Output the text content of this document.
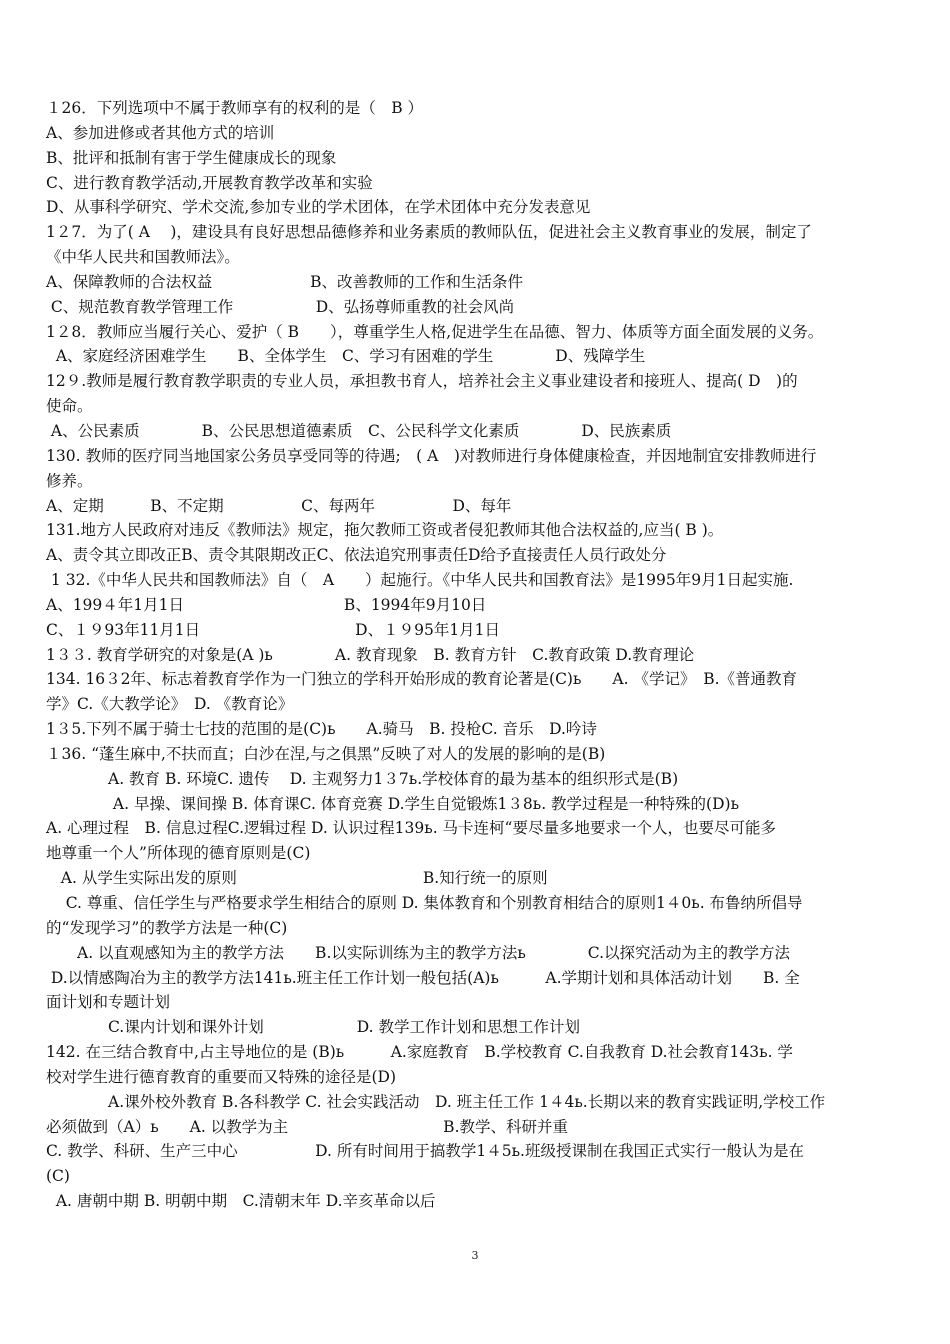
１26．下列选项中不属于教师享有的权利的是（　B ）
A、参加进修或者其他方式的培训
B、批评和抵制有害于学生健康成长的现象
C、进行教育教学活动,开展教育教学改革和实验
D、从事科学研究、学术交流,参加专业的学术团体，在学术团体中充分发表意见
1２7．为了( A　 )，建设具有良好思想品德修养和业务素质的教师队伍，促进社会主义教育事业的发展，制定了
《中华人民共和国教师法》。
A、保障教师的合法权益　　　　　　 B、改善教师的工作和生活条件
C、规范教育教学管理工作　　　　　 D、弘扬尊师重教的社会风尚
1２8．教师应当履行关心、爱护（ B　　），尊重学生人格,促进学生在品德、智力、体质等方面全面发展的义务。
A、家庭经济困难学生　　B、全体学生　C、学习有困难的学生　　　　D、残障学生
12９.教师是履行教育教学职责的专业人员，承担教书育人，培养社会主义事业建设者和接班人、提高( D　)的
使命。
A、公民素质　　　　B、公民思想道德素质　C、公民科学文化素质　　　　D、民族素质
130. 教师的医疗同当地国家公务员享受同等的待遇;　( A　)对教师进行身体健康检查，并因地制宜安排教师进行
修养。
A、定期　　　B、不定期　　　　　C、每两年　　　　　D、每年
131.地方人民政府对违反《教师法》规定，拖欠教师工资或者侵犯教师其他合法权益的,应当( B )。
A、责令其立即改正B、责令其限期改正C、依法追究刑事责任D给予直接责任人员行政处分
1 32.《中华人民共和国教师法》自（　A　　）起施行。《中华人民共和国教育法》是1995年9月1日起实施.
A、199４年1月1日　　　　　　　　　　 B、1994年9月10日
C、１９93年11月1日　　　　　　　　　　D、１９95年1月1日
1３３. 教育学研究的对象是(A )ь　　　　A. 教育现象　B. 教育方针　C.教育政策 D.教育理论
134. 16３2年、标志着教育学作为一门独立的学科开始形成的教育论著是(C)ь　　A. 《学记》　B.《普通教育
学》C.《大教学论》　D. 《教育论》
1３5.下列不属于骑士七技的范围的是(C)ь　　A.骑马　B. 投枪C. 音乐　D.吟诗
１36. “蓬生麻中,不扶而直；白沙在涅,与之俱黑”反映了对人的发展的影响的是(B)
　　　　A. 教育 B. 环境C. 遗传　 D. 主观努力1３7ь.学校体育的最为基本的组织形式是(B)
　　　　 A. 早操、课间操 B. 体育课C. 体育竞赛 D.学生自觉锻炼1３8ь. 教学过程是一种特殊的(D)ь
A. 心理过程　B. 信息过程C.逻辑过程 D. 认识过程139ь. 马卡连柯“要尽量多地要求一个人，也要尽可能多
地尊重一个人”所体现的德育原则是(C)
A. 从学生实际出发的原则　　　　　　　　　　　　B.知行统一的原则
C. 尊重、信任学生与严格要求学生相结合的原则 D. 集体教育和个别教育相结合的原则1４0ь. 布鲁纳所倡导
的“发现学习”的教学方法是一种(C)
　　A. 以直观感知为主的教学方法　　B.以实际训练为主的教学方法ь　　　　C.以探究活动为主的教学方法
D.以情感陶冶为主的教学方法141ь.班主任工作计划一般包括(A)ь　　　A.学期计划和具体活动计划　　B. 全
面计划和专题计划
　　　　C.课内计划和课外计划　　　　　　D. 教学工作计划和思想工作计划
142. 在三结合教育中,占主导地位的是 (B)ь　　　A.家庭教育　B.学校教育 C.自我教育 D.社会教育143ь. 学
校对学生进行德育教育的重要而又特殊的途径是(D)
　　　　A.课外校外教育 B.各科教学 C. 社会实践活动　D. 班主任工作 1４4ь.长期以来的教育实践证明,学校工作
必须做到（A）ь　　A. 以教学为主　　　　　　　　　　B.教学、科研并重
C. 教学、科研、生产三中心　　　　　D. 所有时间用于搞教学1４5ь.班级授课制在我国正式实行一般认为是在
(C)
A. 唐朝中期 B. 明朝中期　C.清朝末年 D.辛亥革命以后
3
